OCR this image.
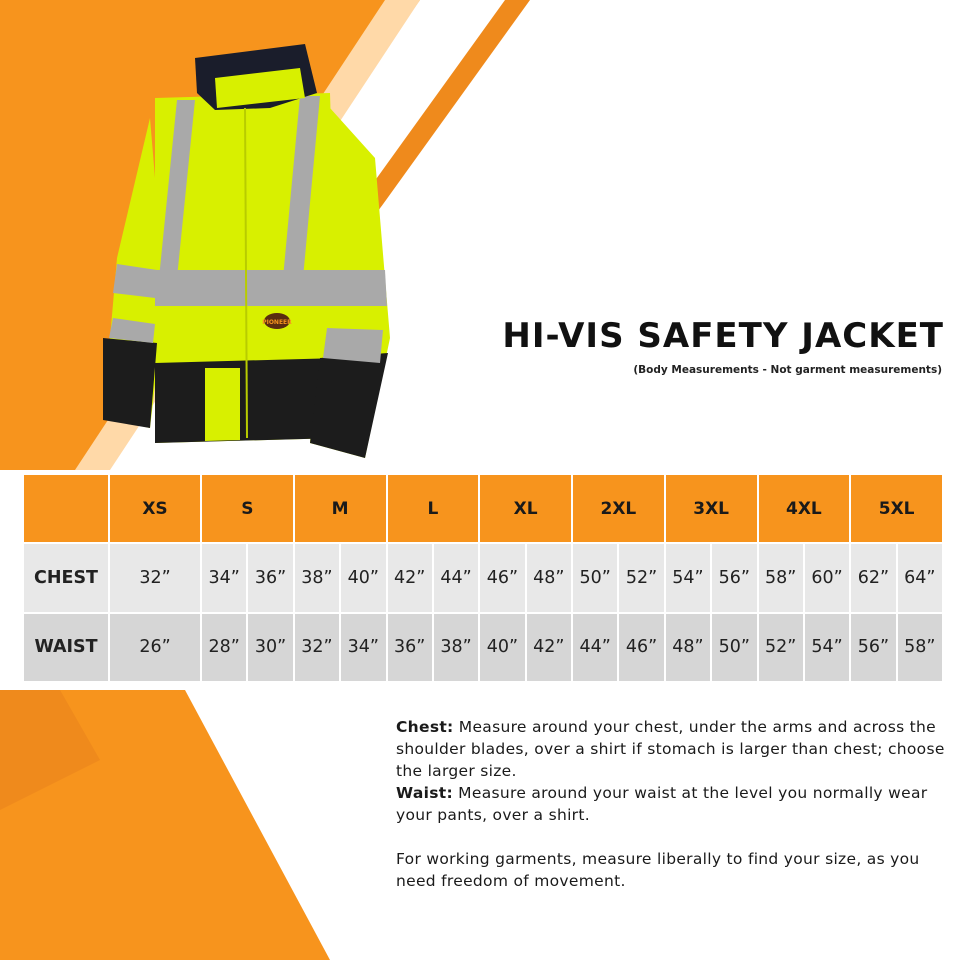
PIONEER	HI-VIS SAFETY JACKET
(Body Measurements - Not garment measurements)
	XS	S		M		L		XL		2XL		3XL		4XL		5XL	
CHEST	32”	34”	36”	38”	40”	42”	44”	46”	48”	50”	52”	54”	56”	58”	60”	62”	64”
WAIST	26”	28”	30”	32”	34”	36”	38”	40”	42”	44”	46”	48”	50”	52”	54”	56”	58”

Chest: Measure around your chest, under the arms and across the shoulder blades, over a shirt if stomach is larger than chest; choose the larger size.

Waist: Measure around your waist at the level you normally wear your pants, over a shirt.

For working garments, measure liberally to find your size, as you need freedom of movement.
